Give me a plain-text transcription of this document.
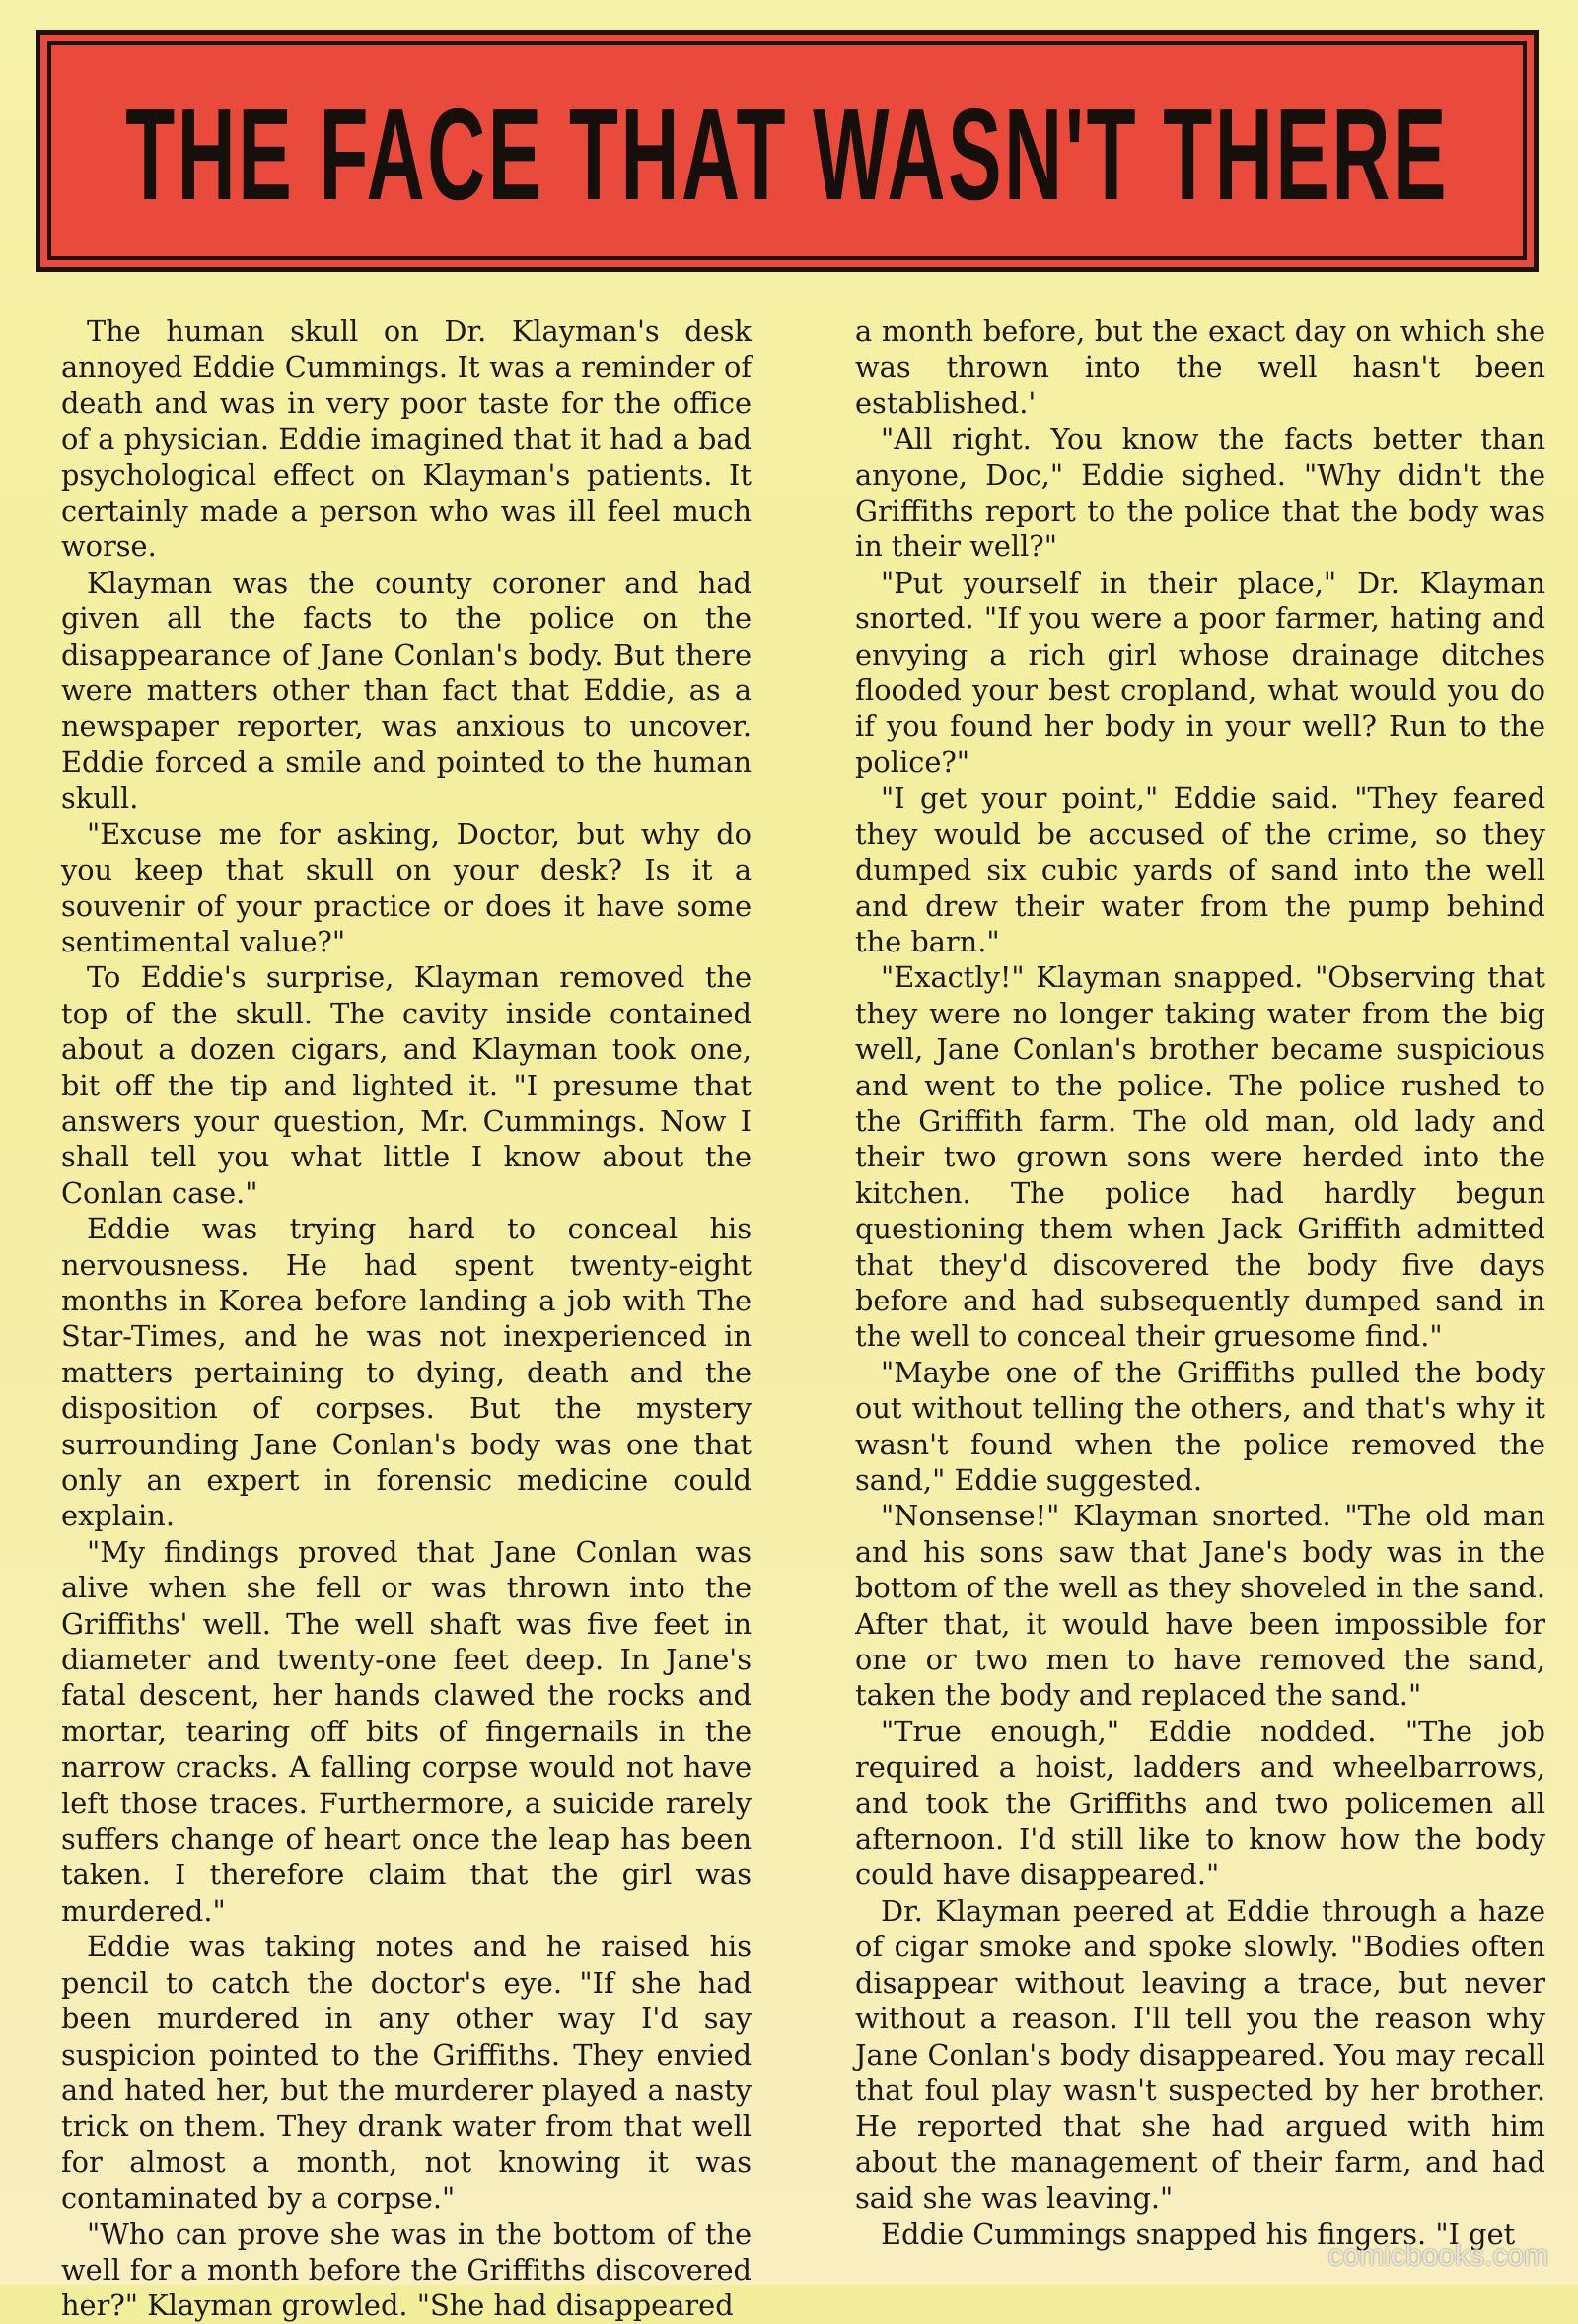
THE FACE THAT WASN'T THERE

The human skull on Dr. Klayman's desk annoyed Eddie Cummings. It was a reminder of death and was in very poor taste for the office of a physician. Eddie imagined that it had a bad psychological effect on Klayman's patients. It certainly made a person who was ill feel much worse.

Klayman was the county coroner and had given all the facts to the police on the disappearance of Jane Conlan's body. But there were matters other than fact that Eddie, as a newspaper reporter, was anxious to uncover. Eddie forced a smile and pointed to the human skull.

"Excuse me for asking, Doctor, but why do you keep that skull on your desk? Is it a souvenir of your practice or does it have some sentimental value?"

To Eddie's surprise, Klayman removed the top of the skull. The cavity inside contained about a dozen cigars, and Klayman took one, bit off the tip and lighted it. "I presume that answers your question, Mr. Cummings. Now I shall tell you what little I know about the Conlan case."

Eddie was trying hard to conceal his nervousness. He had spent twenty-eight months in Korea before landing a job with The Star-Times, and he was not inexperienced in matters pertaining to dying, death and the disposition of corpses. But the mystery surrounding Jane Conlan's body was one that only an expert in forensic medicine could explain.

"My findings proved that Jane Conlan was alive when she fell or was thrown into the Griffiths' well. The well shaft was five feet in diameter and twenty-one feet deep. In Jane's fatal descent, her hands clawed the rocks and mortar, tearing off bits of fingernails in the narrow cracks. A falling corpse would not have left those traces. Furthermore, a suicide rarely suffers change of heart once the leap has been taken. I therefore claim that the girl was murdered."

Eddie was taking notes and he raised his pencil to catch the doctor's eye. "If she had been murdered in any other way I'd say suspicion pointed to the Griffiths. They envied and hated her, but the murderer played a nasty trick on them. They drank water from that well for almost a month, not knowing it was contaminated by a corpse."

"Who can prove she was in the bottom of the well for a month before the Griffiths discovered her?" Klayman growled. "She had disappeared

a month before, but the exact day on which she was thrown into the well hasn't been established.'

"All right. You know the facts better than anyone, Doc," Eddie sighed. "Why didn't the Griffiths report to the police that the body was in their well?"

"Put yourself in their place," Dr. Klayman snorted. "If you were a poor farmer, hating and envying a rich girl whose drainage ditches flooded your best cropland, what would you do if you found her body in your well? Run to the police?"

"I get your point," Eddie said. "They feared they would be accused of the crime, so they dumped six cubic yards of sand into the well and drew their water from the pump behind the barn."

"Exactly!" Klayman snapped. "Observing that they were no longer taking water from the big well, Jane Conlan's brother became suspicious and went to the police. The police rushed to the Griffith farm. The old man, old lady and their two grown sons were herded into the kitchen. The police had hardly begun questioning them when Jack Griffith admitted that they'd discovered the body five days before and had subsequently dumped sand in the well to conceal their gruesome find."

"Maybe one of the Griffiths pulled the body out without telling the others, and that's why it wasn't found when the police removed the sand," Eddie suggested.

"Nonsense!" Klayman snorted. "The old man and his sons saw that Jane's body was in the bottom of the well as they shoveled in the sand. After that, it would have been impossible for one or two men to have removed the sand, taken the body and replaced the sand."

"True enough," Eddie nodded. "The job required a hoist, ladders and wheelbarrows, and took the Griffiths and two policemen all afternoon. I'd still like to know how the body could have disappeared."

Dr. Klayman peered at Eddie through a haze of cigar smoke and spoke slowly. "Bodies often disappear without leaving a trace, but never without a reason. I'll tell you the reason why Jane Conlan's body disappeared. You may recall that foul play wasn't suspected by her brother. He reported that she had argued with him about the management of their farm, and had said she was leaving."

Eddie Cummings snapped his fingers. "I get

comicbooks.com
